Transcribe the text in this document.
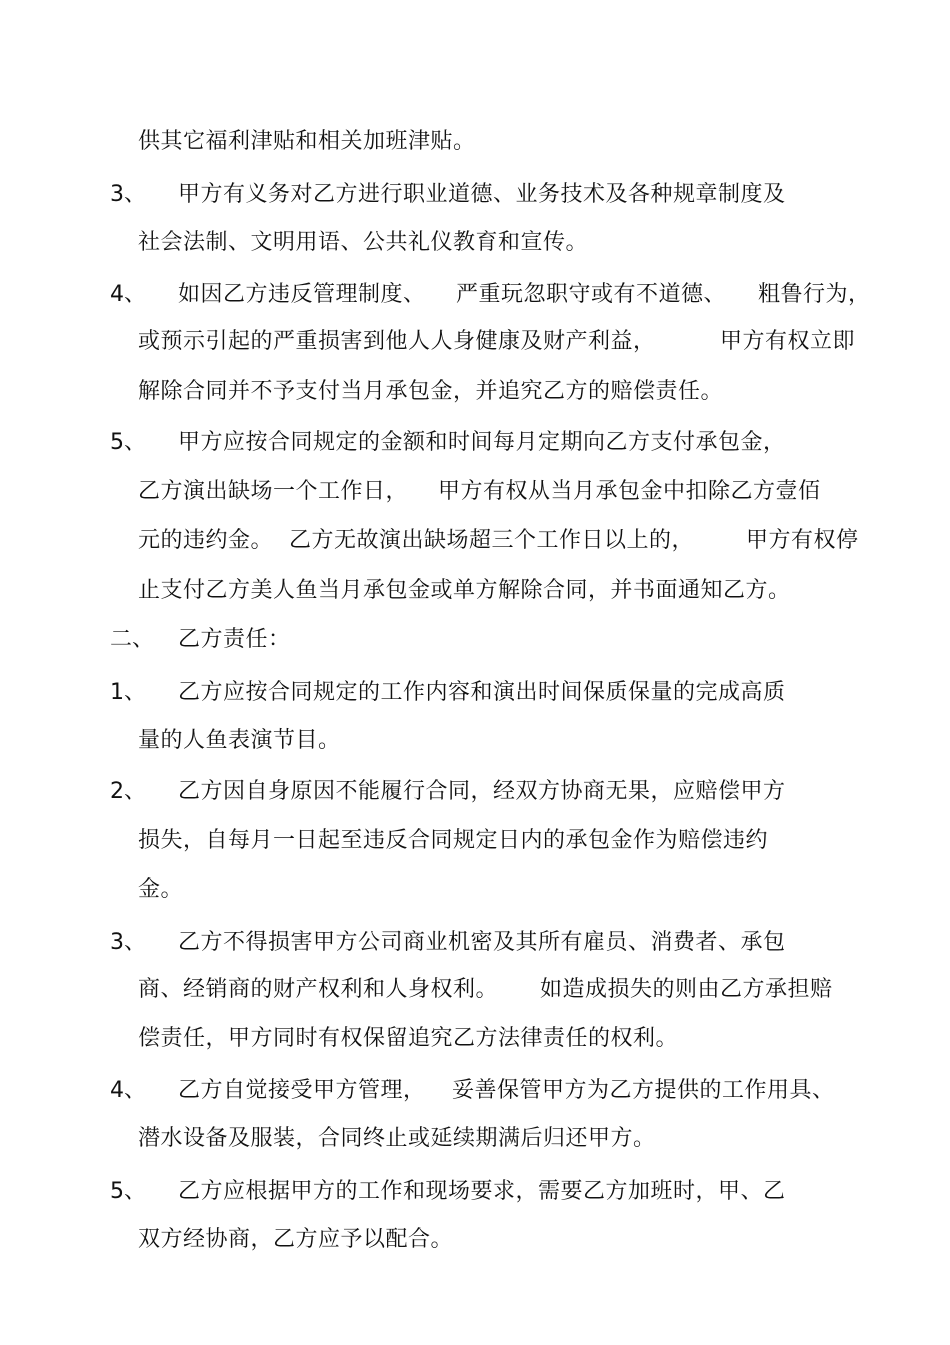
供其它福利津贴和相关加班津贴。
3、 甲方有义务对乙方进行职业道德、业务技术及各种规章制度及
社会法制、文明用语、公共礼仪教育和宣传。
4、 如因乙方违反管理制度、 严重玩忽职守或有不道德、 粗鲁行为，
或预示引起的严重损害到他人人身健康及财产利益，	甲方有权立即
解除合同并不予支付当月承包金，并追究乙方的赔偿责任。
5、 甲方应按合同规定的金额和时间每月定期向乙方支付承包金，
乙方演出缺场一个工作日， 甲方有权从当月承包金中扣除乙方壹佰
元的违约金。 乙方无故演出缺场超三个工作日以上的， 甲方有权停
止支付乙方美人鱼当月承包金或单方解除合同，并书面通知乙方。
二、 乙方责任：
1、 乙方应按合同规定的工作内容和演出时间保质保量的完成高质
量的人鱼表演节目。
2、 乙方因自身原因不能履行合同，经双方协商无果，应赔偿甲方
损失，自每月一日起至违反合同规定日内的承包金作为赔偿违约
金。
3、 乙方不得损害甲方公司商业机密及其所有雇员、消费者、承包
商、经销商的财产权利和人身权利。 如造成损失的则由乙方承担赔
偿责任，甲方同时有权保留追究乙方法律责任的权利。
4、 乙方自觉接受甲方管理， 妥善保管甲方为乙方提供的工作用具、
潜水设备及服装，合同终止或延续期满后归还甲方。
5、 乙方应根据甲方的工作和现场要求，需要乙方加班时，甲、乙
双方经协商，乙方应予以配合。
